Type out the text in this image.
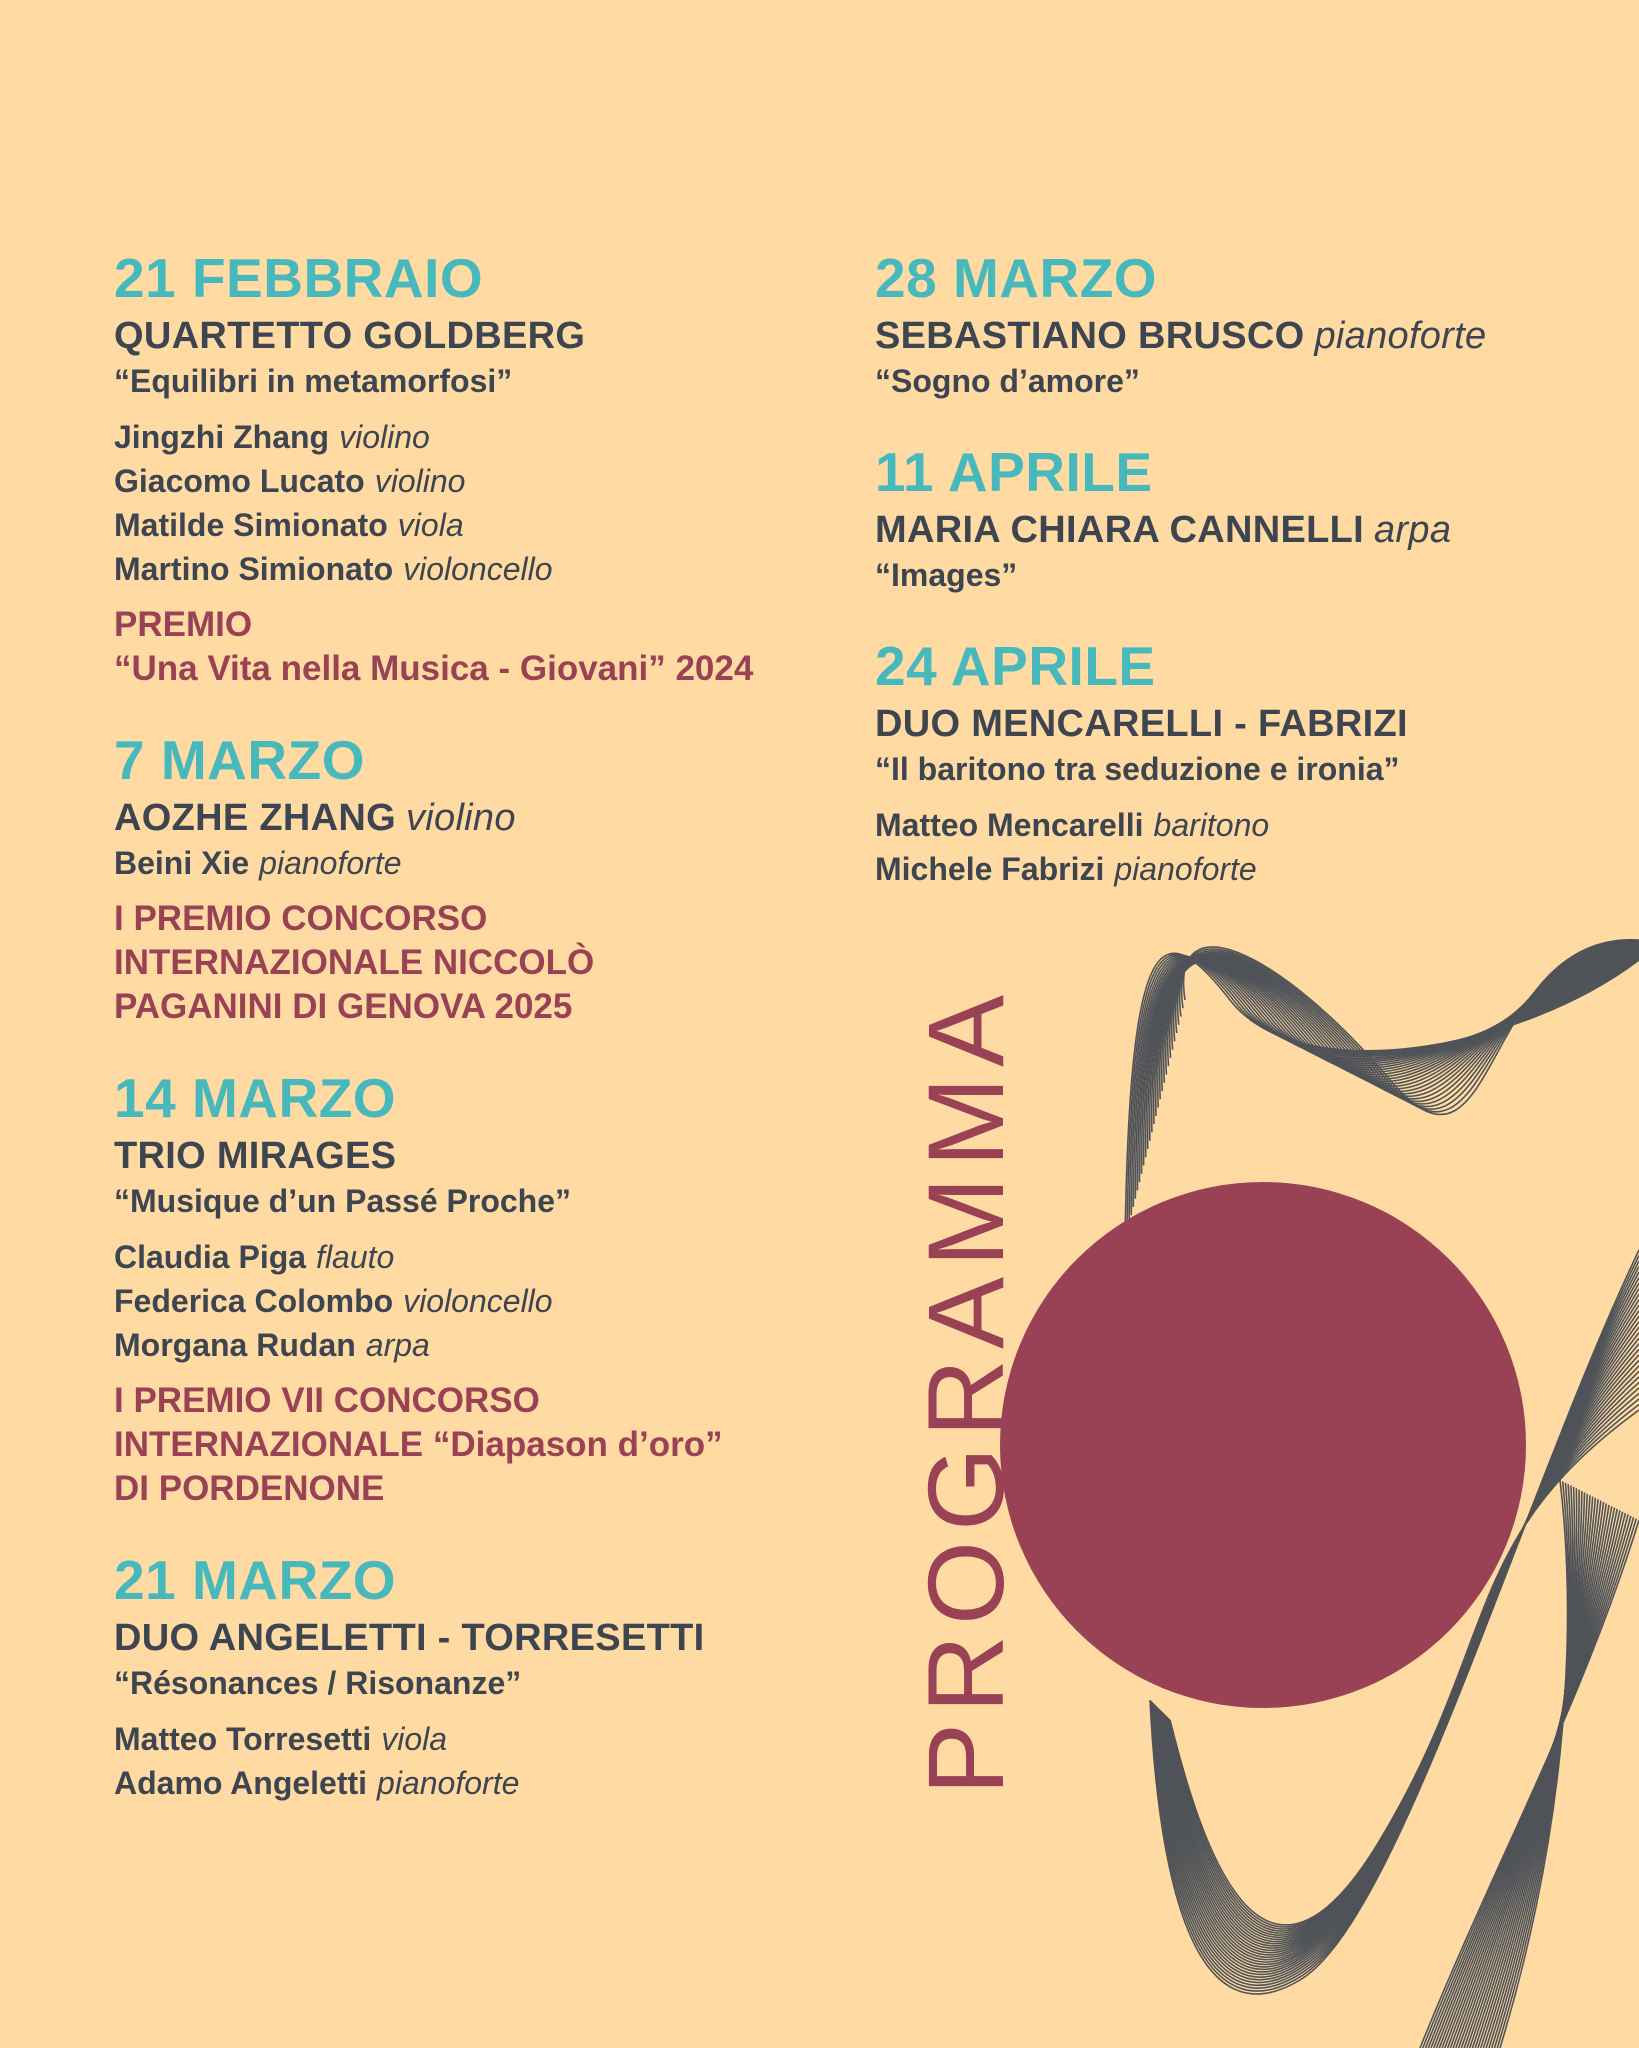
21 FEBBRAIO
QUARTETTO GOLDBERG
“Equilibri in metamorfosi”
Jingzhi Zhang violino
Giacomo Lucato violino
Matilde Simionato viola
Martino Simionato violoncello
PREMIO
“Una Vita nella Musica - Giovani” 2024
7 MARZO
AOZHE ZHANG violino
Beini Xie pianoforte
I PREMIO CONCORSO
INTERNAZIONALE NICCOLÒ
PAGANINI DI GENOVA 2025
14 MARZO
TRIO MIRAGES
“Musique d’un Passé Proche”
Claudia Piga flauto
Federica Colombo violoncello
Morgana Rudan arpa
I PREMIO VII CONCORSO
INTERNAZIONALE “Diapason d’oro”
DI PORDENONE
21 MARZO
DUO ANGELETTI - TORRESETTI
“Résonances / Risonanze”
Matteo Torresetti viola
Adamo Angeletti pianoforte
28 MARZO
SEBASTIANO BRUSCO pianoforte
“Sogno d’amore”
11 APRILE
MARIA CHIARA CANNELLI arpa
“Images”
24 APRILE
DUO MENCARELLI - FABRIZI
“Il baritono tra seduzione e ironia”
Matteo Mencarelli baritono
Michele Fabrizi pianoforte
PROGRAMMA
